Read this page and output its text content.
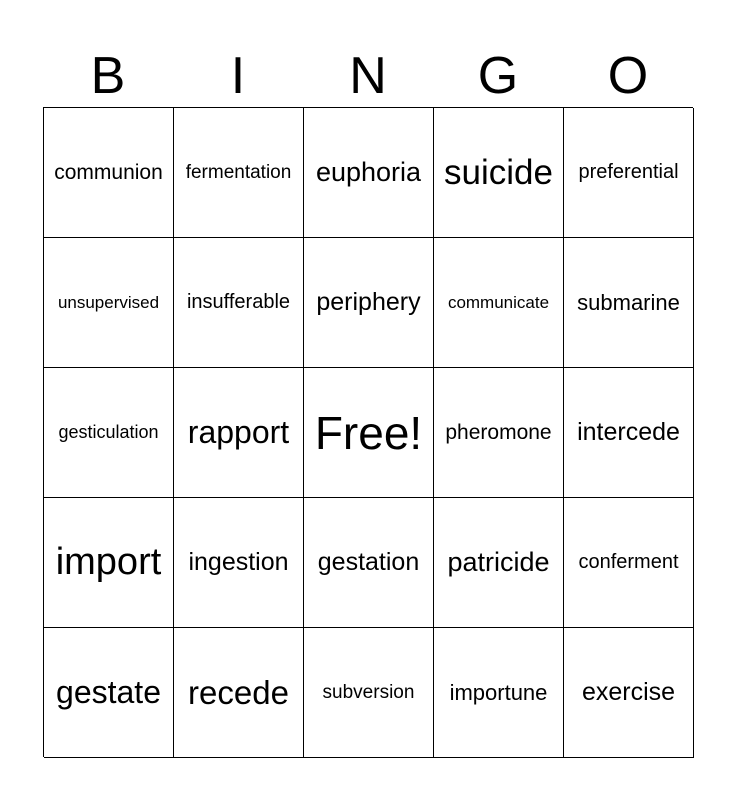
B	I	N	G	O
communion fermentation euphoria suicide preferential
unsupervised insufferable periphery communicate submarine
gesticulation rapport Free! pheromone intercede
import ingestion gestation patricide conferment
gestate recede subversion importune exercise
